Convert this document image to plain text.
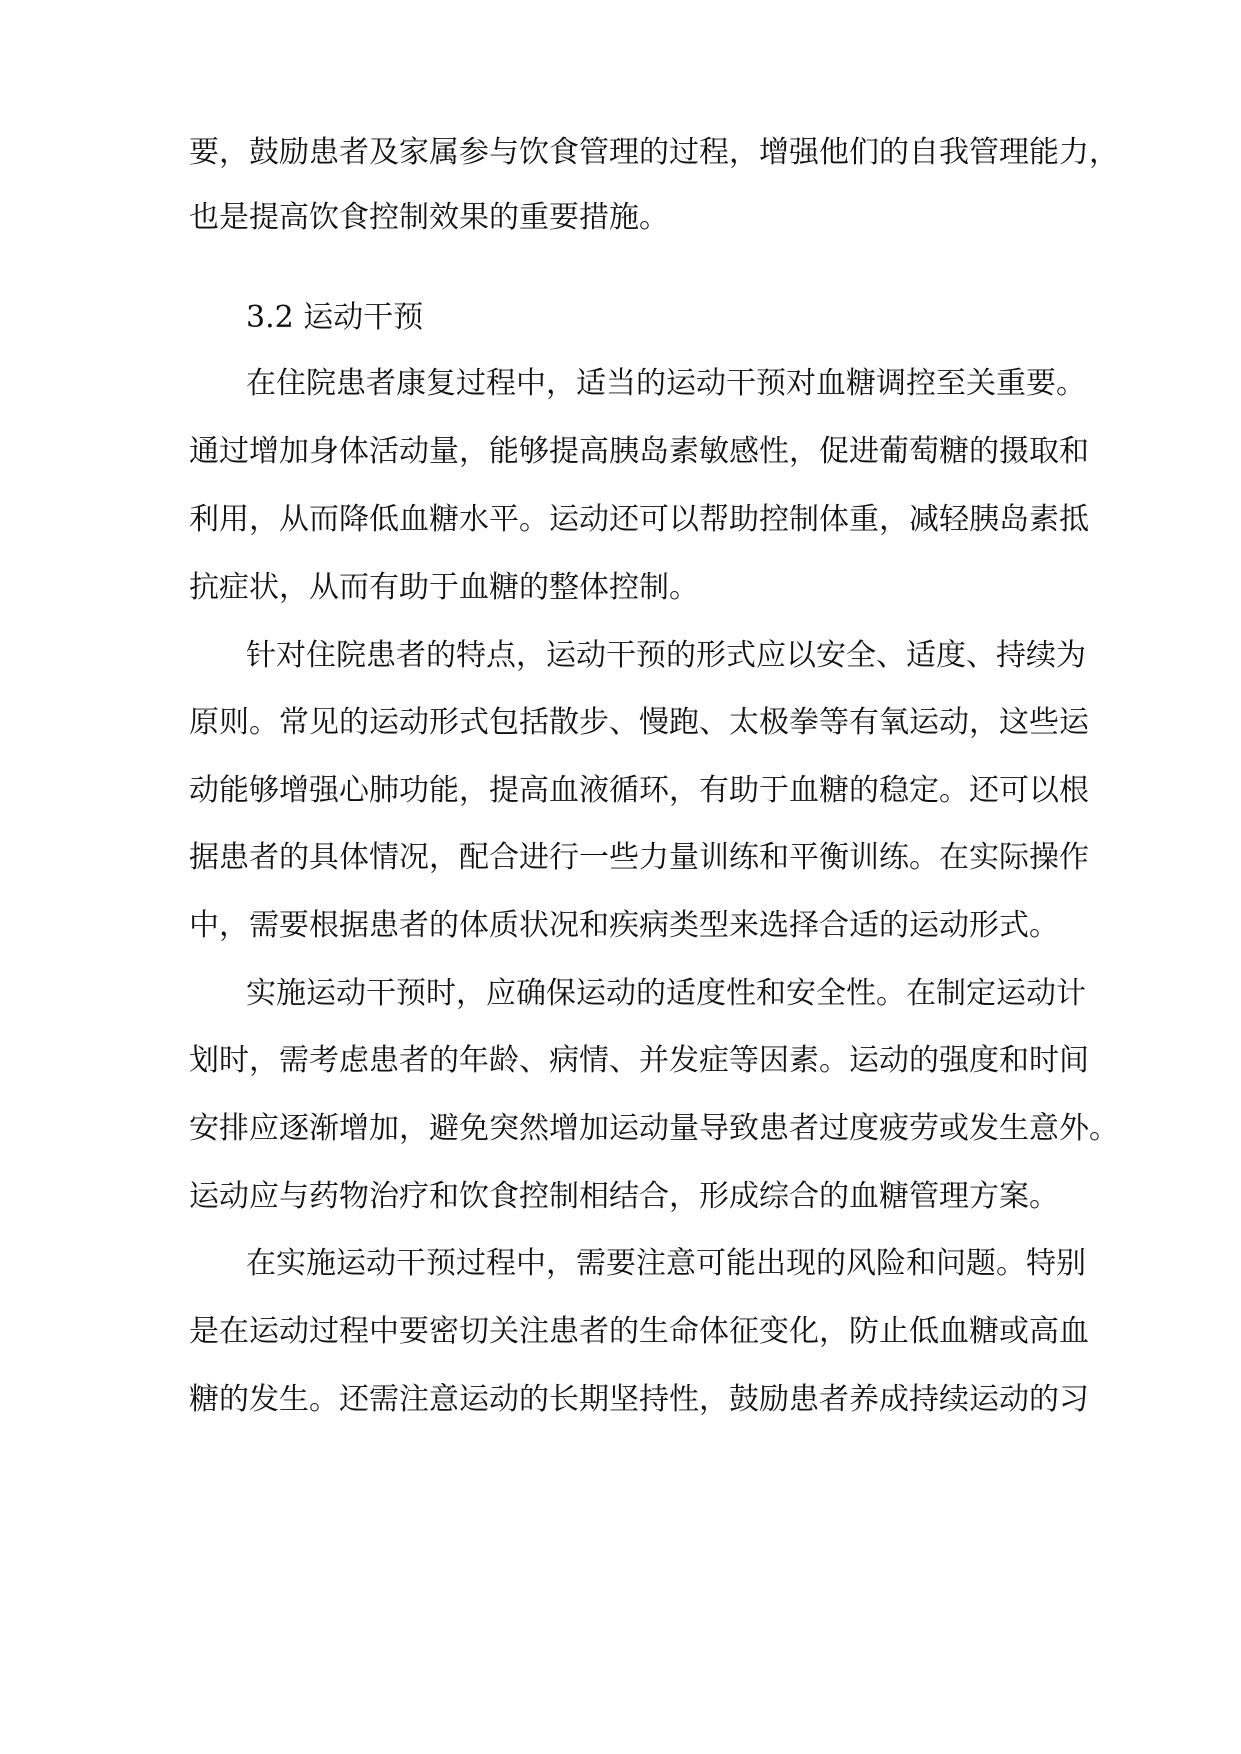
要，鼓励患者及家属参与饮食管理的过程，增强他们的自我管理能力，
也是提高饮食控制效果的重要措施。
3.2 运动干预
在住院患者康复过程中，适当的运动干预对血糖调控至关重要。
通过增加身体活动量，能够提高胰岛素敏感性，促进葡萄糖的摄取和
利用，从而降低血糖水平。运动还可以帮助控制体重，减轻胰岛素抵
抗症状，从而有助于血糖的整体控制。
针对住院患者的特点，运动干预的形式应以安全、适度、持续为
原则。常见的运动形式包括散步、慢跑、太极拳等有氧运动，这些运
动能够增强心肺功能，提高血液循环，有助于血糖的稳定。还可以根
据患者的具体情况，配合进行一些力量训练和平衡训练。在实际操作
中，需要根据患者的体质状况和疾病类型来选择合适的运动形式。
实施运动干预时，应确保运动的适度性和安全性。在制定运动计
划时，需考虑患者的年龄、病情、并发症等因素。运动的强度和时间
安排应逐渐增加，避免突然增加运动量导致患者过度疲劳或发生意外。
运动应与药物治疗和饮食控制相结合，形成综合的血糖管理方案。
在实施运动干预过程中，需要注意可能出现的风险和问题。特别
是在运动过程中要密切关注患者的生命体征变化，防止低血糖或高血
糖的发生。还需注意运动的长期坚持性，鼓励患者养成持续运动的习
